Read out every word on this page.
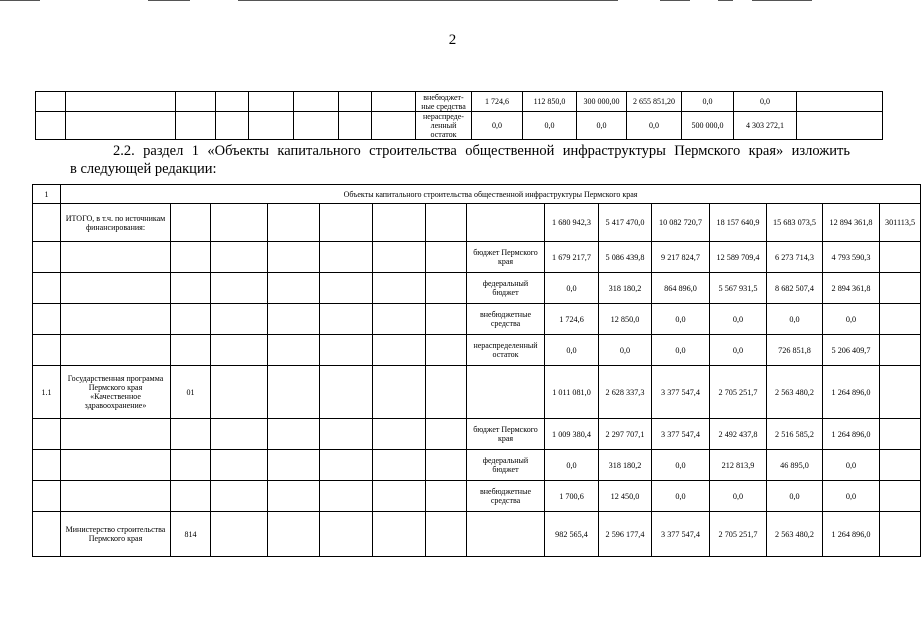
2
								внебюджет-ные средства	1 724,6	112 850,0	300 000,00	2 655 851,20	0,0	0,0	
								нераспреде-ленный остаток	0,0	0,0	0,0	0,0	500 000,0	4 303 272,1	
2.2. раздел 1 «Объекты капитального строительства общественной инфраструктуры Пермского края» изложить
в следующей редакции:
1	Объекты капитального строительства общественной инфраструктуры Пермского края														
	ИТОГО, в т.ч. по источникам финансирования:								1 680 942,3	5 417 470,0	10 082 720,7	18 157 640,9	15 683 073,5	12 894 361,8	301113,5
								бюджет Пермского края	1 679 217,7	5 086 439,8	9 217 824,7	12 589 709,4	6 273 714,3	4 793 590,3	
								федеральный бюджет	0,0	318 180,2	864 896,0	5 567 931,5	8 682 507,4	2 894 361,8	
								внебюджетные средства	1 724,6	12 850,0	0,0	0,0	0,0	0,0	
								нераспределенный остаток	0,0	0,0	0,0	0,0	726 851,8	5 206 409,7	
1.1	Государственная программа Пермского края «Качественное здравоохранение»	01							1 011 081,0	2 628 337,3	3 377 547,4	2 705 251,7	2 563 480,2	1 264 896,0	
								бюджет Пермского края	1 009 380,4	2 297 707,1	3 377 547,4	2 492 437,8	2 516 585,2	1 264 896,0	
								федеральный бюджет	0,0	318 180,2	0,0	212 813,9	46 895,0	0,0	
								внебюджетные средства	1 700,6	12 450,0	0,0	0,0	0,0	0,0	
	Министерство строительства Пермского края	814							982 565,4	2 596 177,4	3 377 547,4	2 705 251,7	2 563 480,2	1 264 896,0	
